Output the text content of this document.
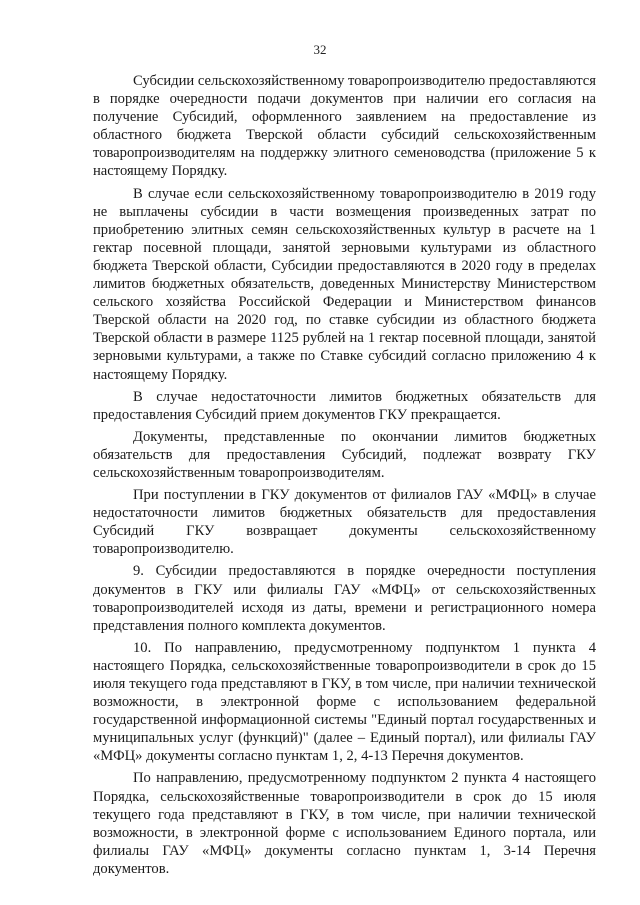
32

Субсидии сельскохозяйственному товаропроизводителю предоставляются в порядке очередности подачи документов при наличии его согласия на получение Субсидий, оформленного заявлением на предоставление из областного бюджета Тверской области субсидий сельскохозяйственным товаропроизводителям на поддержку элитного семеноводства (приложение 5 к настоящему Порядку.

В случае если сельскохозяйственному товаропроизводителю в 2019 году не выплачены субсидии в части возмещения произведенных затрат по приобретению элитных семян сельскохозяйственных культур в расчете на 1 гектар посевной площади, занятой зерновыми культурами из областного бюджета Тверской области, Субсидии предоставляются в 2020 году в пределах лимитов бюджетных обязательств, доведенных Министерству Министерством сельского хозяйства Российской Федерации и Министерством финансов Тверской области на 2020 год, по ставке субсидии из областного бюджета Тверской области в размере 1125 рублей на 1 гектар посевной площади, занятой зерновыми культурами, а также по Ставке субсидий согласно приложению 4 к настоящему Порядку.

В случае недостаточности лимитов бюджетных обязательств для предоставления Субсидий прием документов ГКУ прекращается.

Документы, представленные по окончании лимитов бюджетных обязательств для предоставления Субсидий, подлежат возврату ГКУ сельскохозяйственным товаропроизводителям.

При поступлении в ГКУ документов от филиалов ГАУ «МФЦ» в случае недостаточности лимитов бюджетных обязательств для предоставления Субсидий ГКУ возвращает документы сельскохозяйственному товаропроизводителю.

9. Субсидии предоставляются в порядке очередности поступления документов в ГКУ или филиалы ГАУ «МФЦ» от сельскохозяйственных товаропроизводителей исходя из даты, времени и регистрационного номера представления полного комплекта документов.

10. По направлению, предусмотренному подпунктом 1 пункта 4 настоящего Порядка, сельскохозяйственные товаропроизводители в срок до 15 июля текущего года представляют в ГКУ, в том числе, при наличии технической возможности, в электронной форме с использованием федеральной государственной информационной системы "Единый портал государственных и муниципальных услуг (функций)" (далее – Единый портал), или филиалы ГАУ «МФЦ» документы согласно пунктам 1, 2, 4-13 Перечня документов.

По направлению, предусмотренному подпунктом 2 пункта 4 настоящего Порядка, сельскохозяйственные товаропроизводители в срок до 15 июля текущего года представляют в ГКУ, в том числе, при наличии технической возможности, в электронной форме с использованием Единого портала, или филиалы ГАУ «МФЦ» документы согласно пунктам 1, 3-14 Перечня документов.
